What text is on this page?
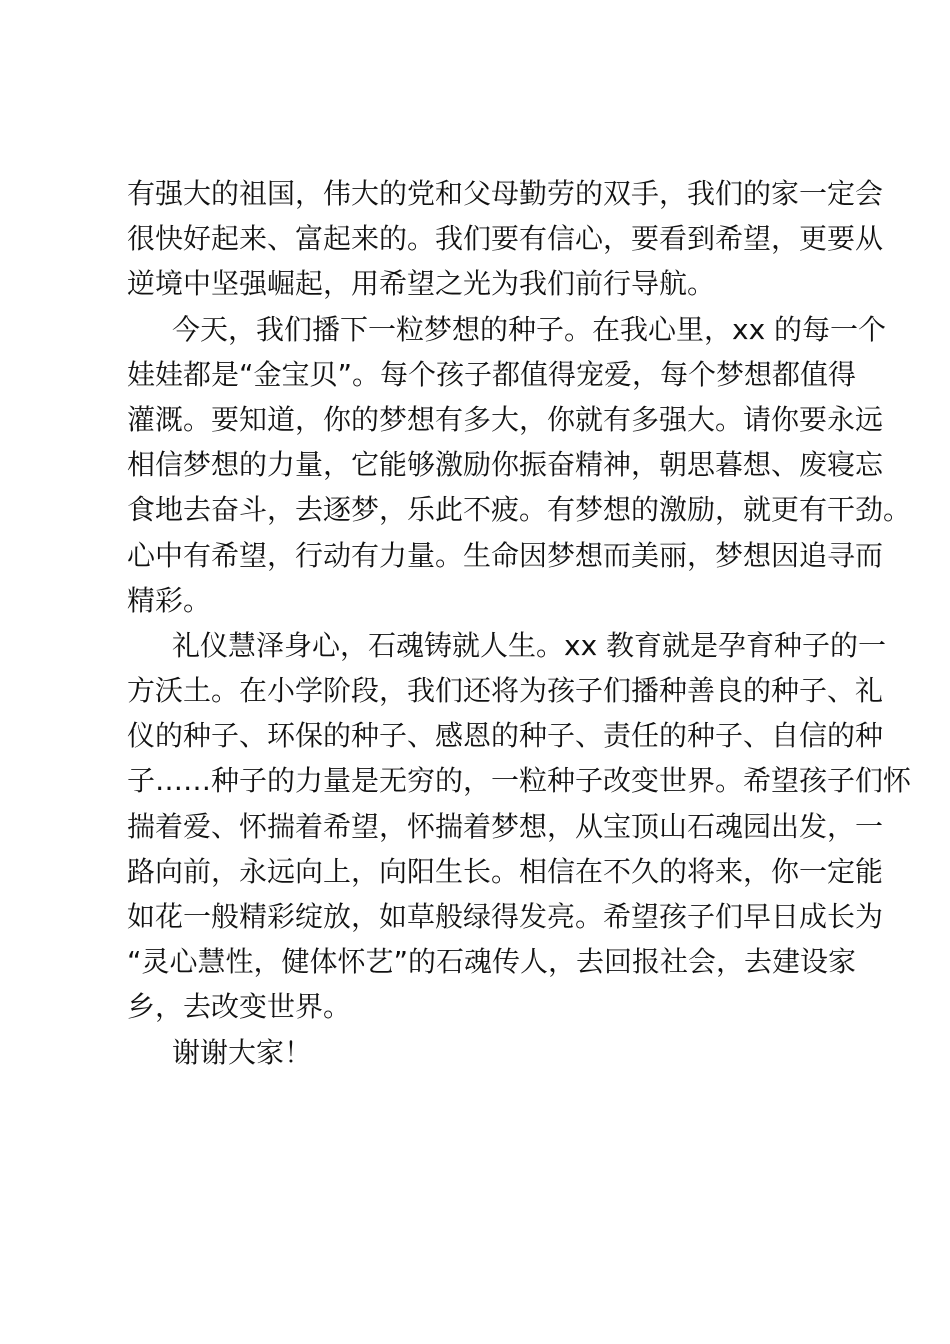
有强大的祖国，伟大的党和父母勤劳的双手，我们的家一定会
很快好起来、富起来的。我们要有信心，要看到希望，更要从
逆境中坚强崛起，用希望之光为我们前行导航。
今天，我们播下一粒梦想的种子。在我心里，xx 的每一个
娃娃都是“金宝贝”。每个孩子都值得宠爱，每个梦想都值得
灌溉。要知道，你的梦想有多大，你就有多强大。请你要永远
相信梦想的力量，它能够激励你振奋精神，朝思暮想、废寝忘
食地去奋斗，去逐梦，乐此不疲。有梦想的激励，就更有干劲。
心中有希望，行动有力量。生命因梦想而美丽，梦想因追寻而
精彩。
礼仪慧泽身心，石魂铸就人生。xx 教育就是孕育种子的一
方沃土。在小学阶段，我们还将为孩子们播种善良的种子、礼
仪的种子、环保的种子、感恩的种子、责任的种子、自信的种
子……种子的力量是无穷的，一粒种子改变世界。希望孩子们怀
揣着爱、怀揣着希望，怀揣着梦想，从宝顶山石魂园出发，一
路向前，永远向上，向阳生长。相信在不久的将来，你一定能
如花一般精彩绽放，如草般绿得发亮。希望孩子们早日成长为
“灵心慧性，健体怀艺”的石魂传人，去回报社会，去建设家
乡，去改变世界。
谢谢大家！
